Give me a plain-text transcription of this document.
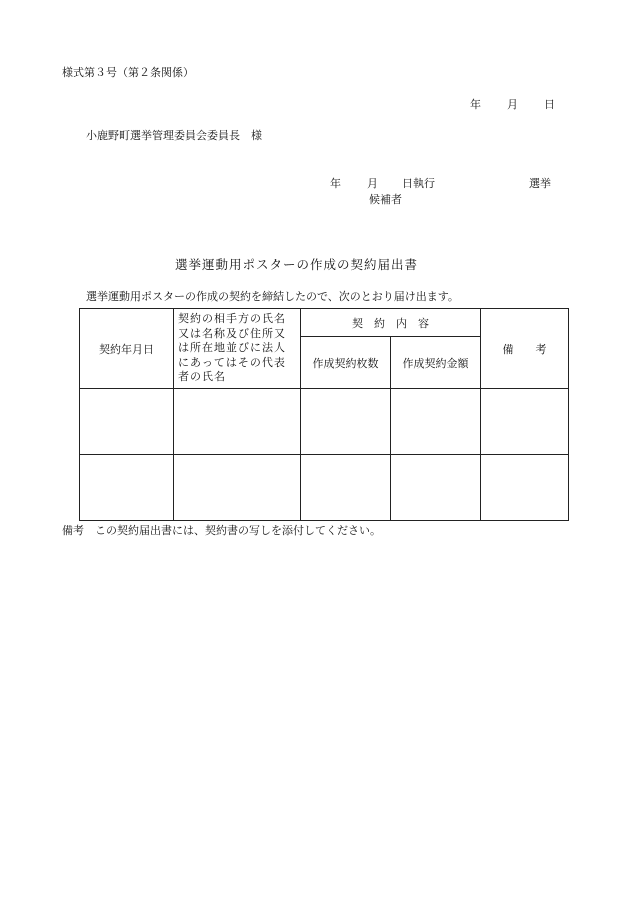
様式第３号（第２条関係）
年 月 日
小鹿野町選挙管理委員会委員長　様
年 月 日執行	選挙
候補者
選挙運動用ポスターの作成の契約届出書
選挙運動用ポスターの作成の契約を締結したので、次のとおり届け出ます。
契約年月日	契約の相手方の氏名又は名称及び住所又は所在地並びに法人にあってはその代表者の氏名	契　約　内　容		備　　考
		作成契約枚数	作成契約金額	

備考　この契約届出書には、契約書の写しを添付してください。
